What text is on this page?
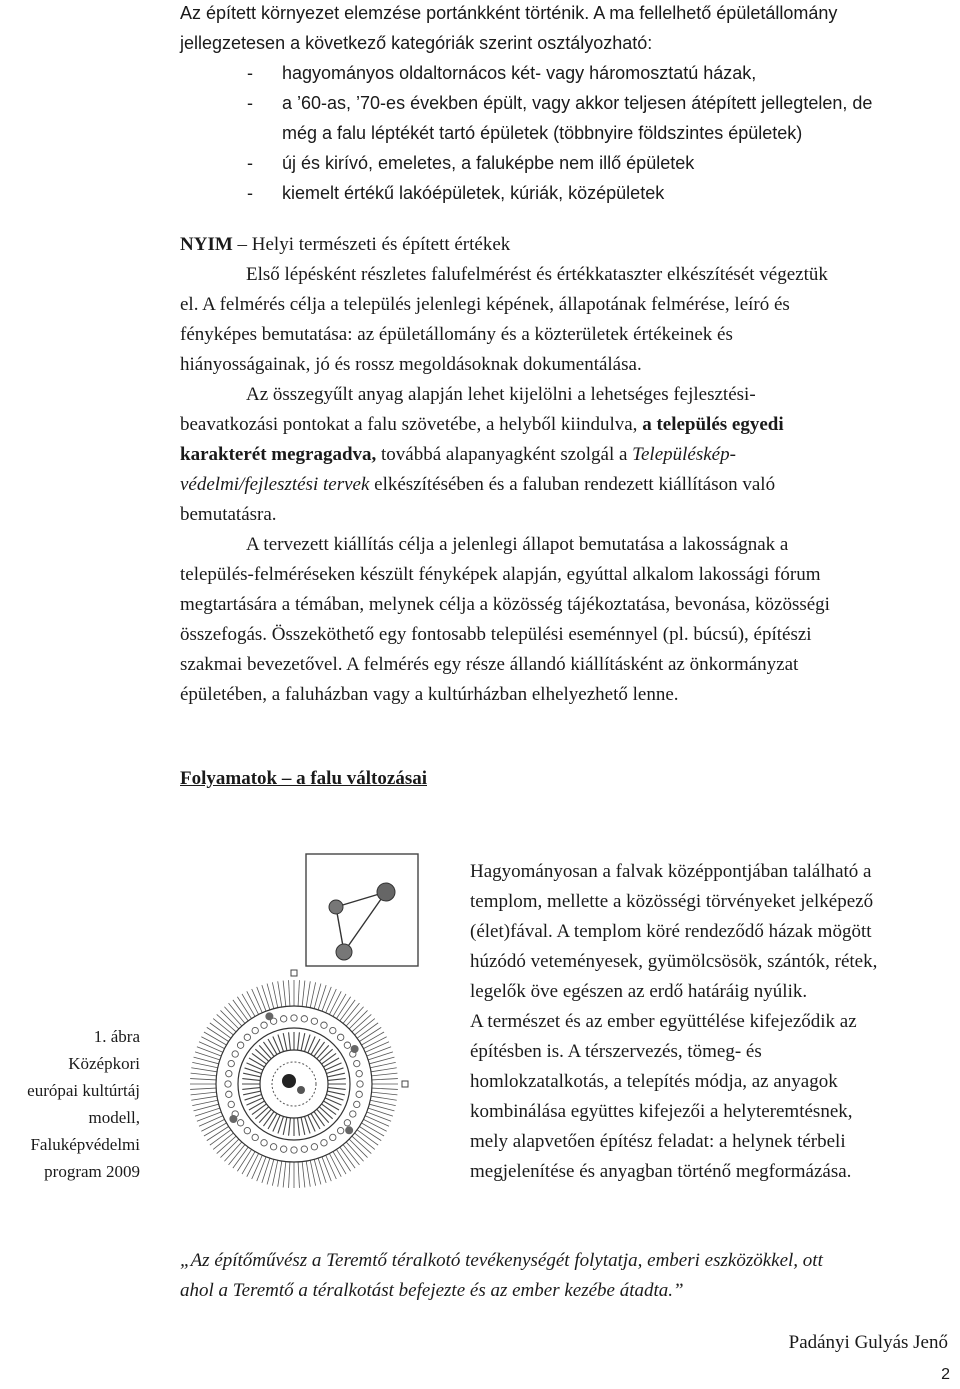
Az épített környezet elemzése portánkként történik. A ma fellelhető épületállomány
jellegzetesen a következő kategóriák szerint osztályozható:
- hagyományos oldaltornácos két- vagy háromosztatú házak,
- a ’60-as, ’70-es években épült, vagy akkor teljesen átépített jellegtelen, de
még a falu léptékét tartó épületek (többnyire földszintes épületek)
- új és kirívó, emeletes, a faluképbe nem illő épületek
- kiemelt értékű lakóépületek, kúriák, középületek
NYIM – Helyi természeti és épített értékek
Első lépésként részletes falufelmérést és értékkataszter elkészítését végeztük
el. A felmérés célja a település jelenlegi képének, állapotának felmérése, leíró és
fényképes bemutatása: az épületállomány és a közterületek értékeinek és
hiányosságainak, jó és rossz megoldásoknak dokumentálása.
Az összegyűlt anyag alapján lehet kijelölni a lehetséges fejlesztési-
beavatkozási pontokat a falu szövetébe, a helyből kiindulva, a település egyedi
karakterét megragadva, továbbá alapanyagként szolgál a Településkép-
védelmi/fejlesztési tervek elkészítésében és a faluban rendezett kiállításon való
bemutatásra.
A tervezett kiállítás célja a jelenlegi állapot bemutatása a lakosságnak a
település-felméréseken készült fényképek alapján, egyúttal alkalom lakossági fórum
megtartására a témában, melynek célja a közösség tájékoztatása, bevonása, közösségi
összefogás. Összeköthető egy fontosabb települési eseménnyel (pl. búcsú), építészi
szakmai bevezetővel. A felmérés egy része állandó kiállításként az önkormányzat
épületében, a faluházban vagy a kultúrházban elhelyezhető lenne.
Folyamatok – a falu változásai
1. ábra
Középkori
európai kultúrtáj
modell,
Faluképvédelmi
program 2009
Hagyományosan a falvak középpontjában található a
templom, mellette a közösségi törvényeket jelképező
(élet)fával. A templom köré rendeződő házak mögött
húzódó veteményesek, gyümölcsösök, szántók, rétek,
legelők öve egészen az erdő határáig nyúlik.
A természet és az ember együttélése kifejeződik az
építésben is. A térszervezés, tömeg- és
homlokzatalkotás, a telepítés módja, az anyagok
kombinálása együttes kifejezői a helyteremtésnek,
mely alapvetően építész feladat: a helynek térbeli
megjelenítése és anyagban történő megformázása.
„Az építőművész a Teremtő téralkotó tevékenységét folytatja, emberi eszközökkel, ott
ahol a Teremtő a téralkotást befejezte és az ember kezébe átadta.”
Padányi Gulyás Jenő
2
